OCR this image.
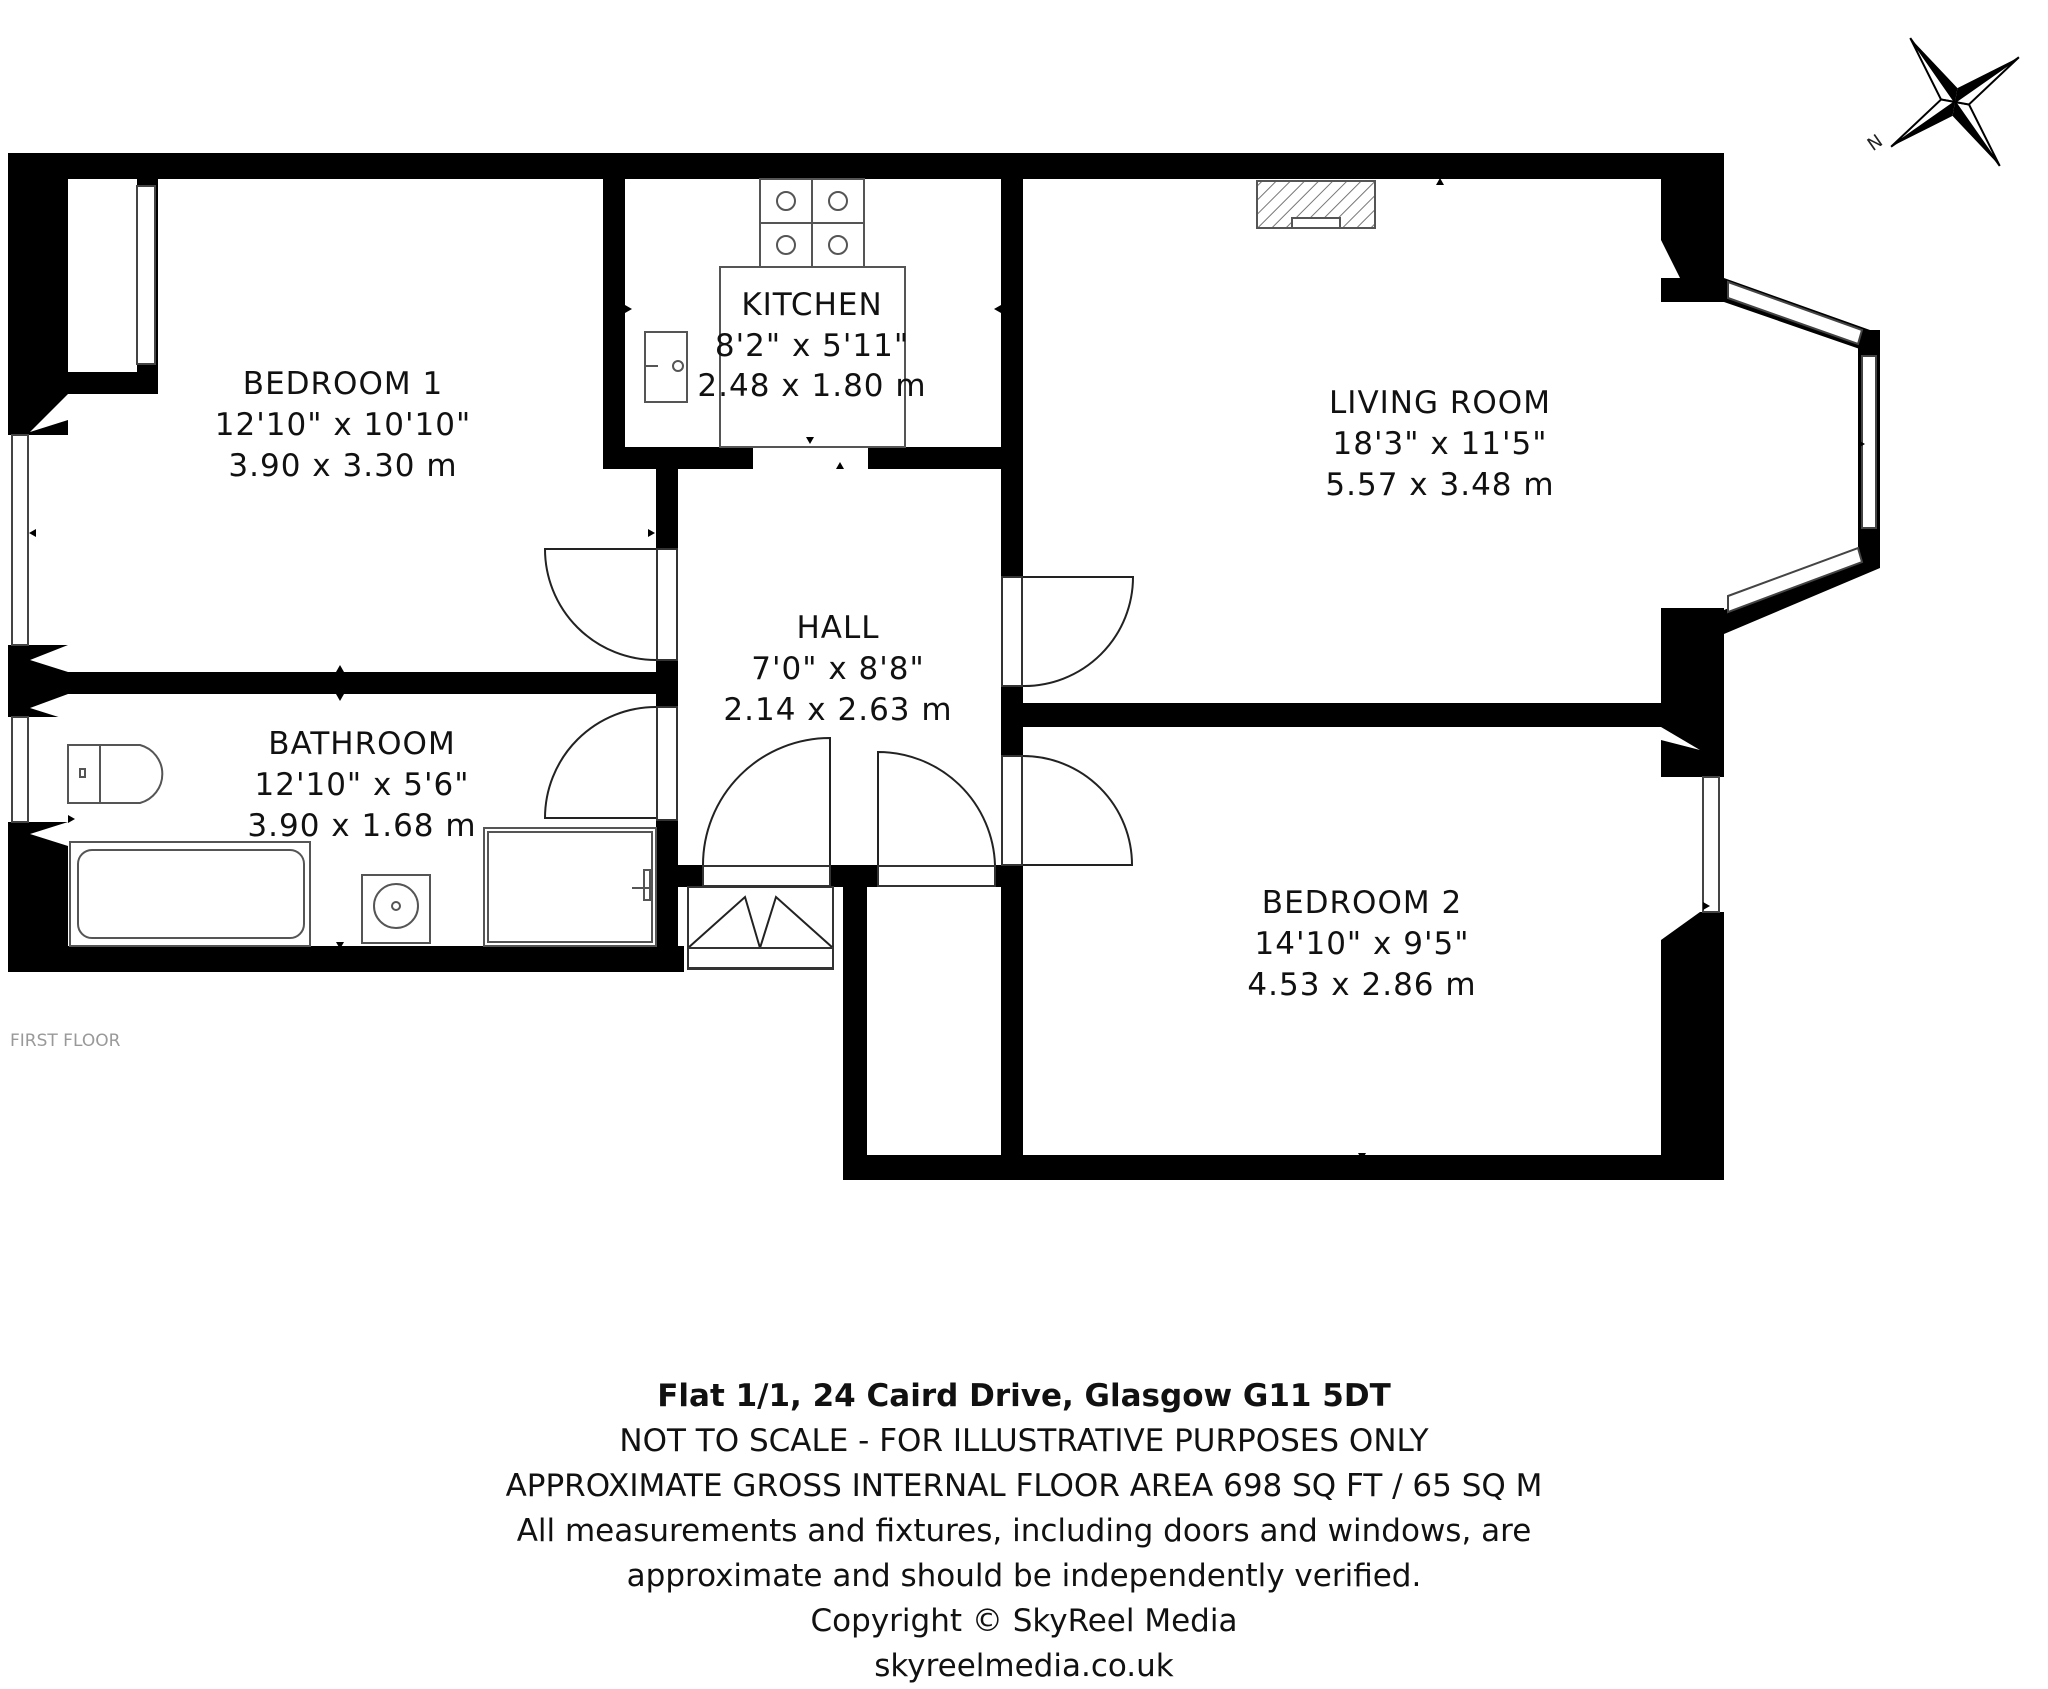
N
BEDROOM 1
12'10" x 10'10"
3.90 x 3.30 m
KITCHEN
8'2" x 5'11"
2.48 x 1.80 m	LIVING ROOM
18'3" x 11'5"
5.57 x 3.48 m
HALL
7'0" x 8'8"
2.14 x 2.63 m
BATHROOM
12'10" x 5'6"
3.90 x 1.68 m
BEDROOM 2
14'10" x 9'5"
4.53 x 2.86 m
FIRST FLOOR
Flat 1/1, 24 Caird Drive, Glasgow G11 5DT
NOT TO SCALE - FOR ILLUSTRATIVE PURPOSES ONLY
APPROXIMATE GROSS INTERNAL FLOOR AREA 698 SQ FT / 65 SQ M
All measurements and fixtures, including doors and windows, are
approximate and should be independently verified.
Copyright © SkyReel Media
skyreelmedia.co.uk
